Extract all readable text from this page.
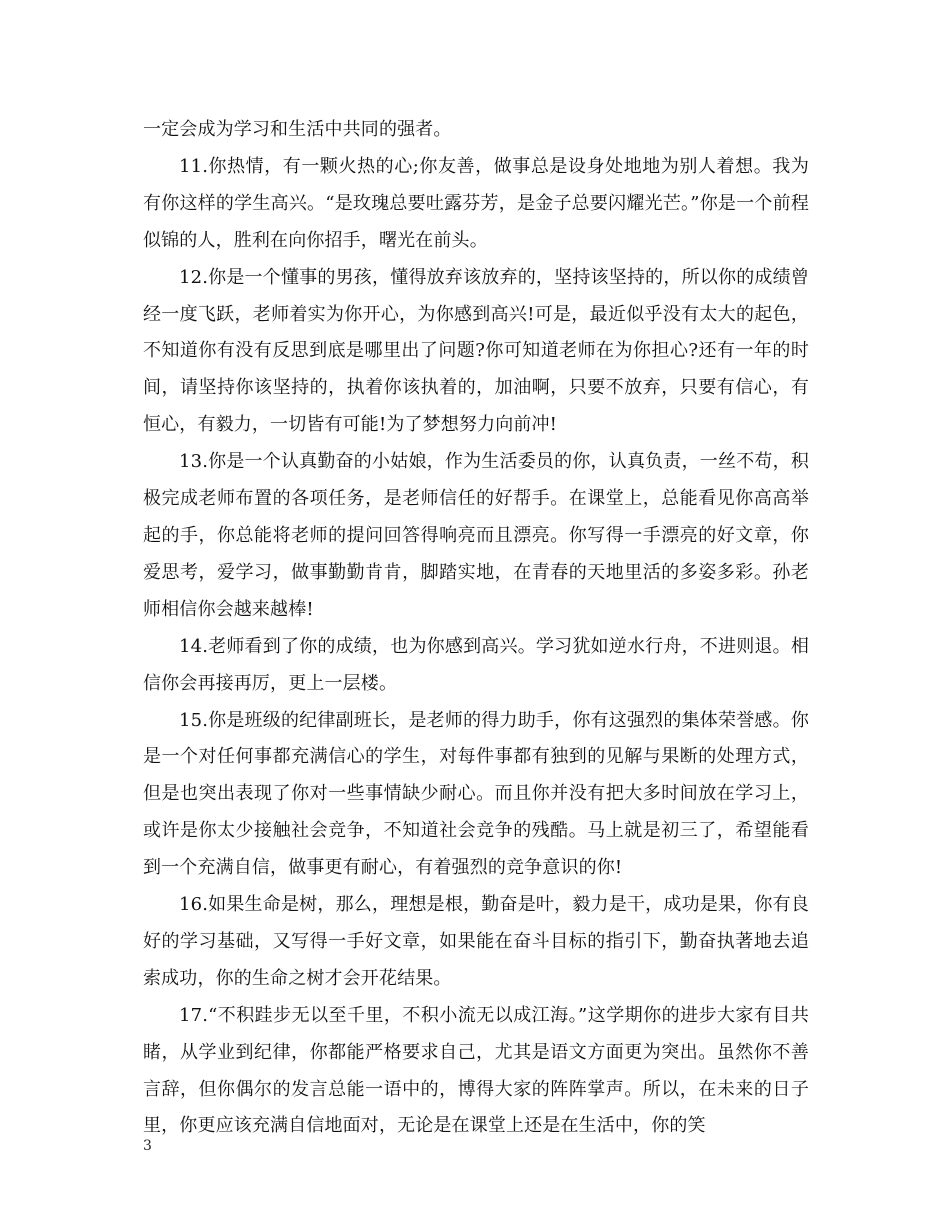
一定会成为学习和生活中共同的强者。

11.你热情，有一颗火热的心;你友善，做事总是设身处地地为别人着想。我为有你这样的学生高兴。“是玫瑰总要吐露芬芳，是金子总要闪耀光芒。”你是一个前程似锦的人，胜利在向你招手，曙光在前头。

12.你是一个懂事的男孩，懂得放弃该放弃的，坚持该坚持的，所以你的成绩曾经一度飞跃，老师着实为你开心，为你感到高兴!可是，最近似乎没有太大的起色，不知道你有没有反思到底是哪里出了问题?你可知道老师在为你担心?还有一年的时间，请坚持你该坚持的，执着你该执着的，加油啊，只要不放弃，只要有信心，有恒心，有毅力，一切皆有可能!为了梦想努力向前冲!

13.你是一个认真勤奋的小姑娘，作为生活委员的你，认真负责，一丝不苟，积极完成老师布置的各项任务，是老师信任的好帮手。在课堂上，总能看见你高高举起的手，你总能将老师的提问回答得响亮而且漂亮。你写得一手漂亮的好文章，你爱思考，爱学习，做事勤勤肯肯，脚踏实地，在青春的天地里活的多姿多彩。孙老师相信你会越来越棒!

14.老师看到了你的成绩，也为你感到高兴。学习犹如逆水行舟，不进则退。相信你会再接再厉，更上一层楼。

15.你是班级的纪律副班长，是老师的得力助手，你有这强烈的集体荣誉感。你是一个对任何事都充满信心的学生，对每件事都有独到的见解与果断的处理方式，但是也突出表现了你对一些事情缺少耐心。而且你并没有把大多时间放在学习上，或许是你太少接触社会竞争，不知道社会竞争的残酷。马上就是初三了，希望能看到一个充满自信，做事更有耐心，有着强烈的竞争意识的你!

16.如果生命是树，那么，理想是根，勤奋是叶，毅力是干，成功是果，你有良好的学习基础，又写得一手好文章，如果能在奋斗目标的指引下，勤奋执著地去追索成功，你的生命之树才会开花结果。

17.“不积跬步无以至千里，不积小流无以成江海。”这学期你的进步大家有目共睹，从学业到纪律，你都能严格要求自己，尤其是语文方面更为突出。虽然你不善言辞，但你偶尔的发言总能一语中的，博得大家的阵阵掌声。所以，在未来的日子里，你更应该充满自信地面对，无论是在课堂上还是在生活中，你的笑

3
